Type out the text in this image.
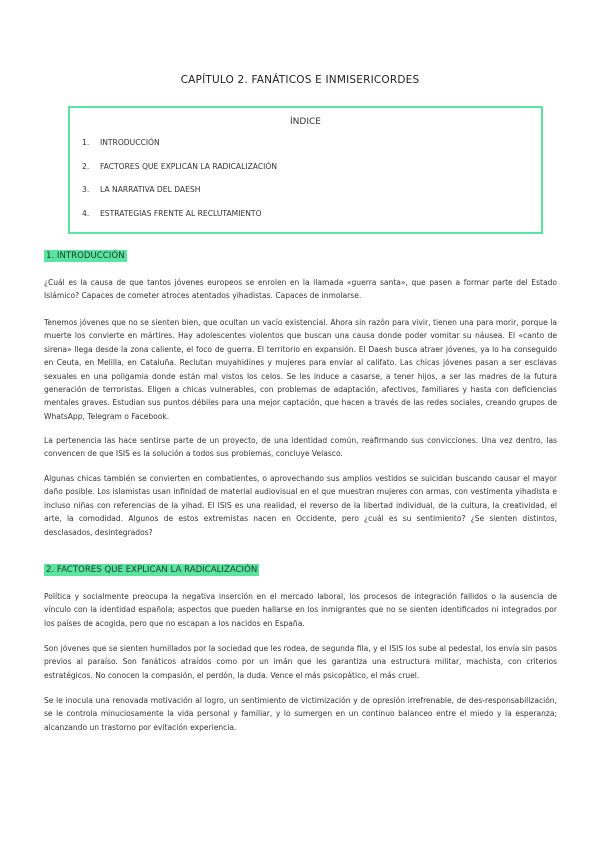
CAPÍTULO 2. FANÁTICOS E INMISERICORDES
ÍNDICE
1.	INTRODUCCIÓN
2.	FACTORES QUE EXPLICAN LA RADICALIZACIÓN
3.	LA NARRATIVA DEL DAESH
4.	ESTRATEGIAS FRENTE AL RECLUTAMIENTO
1. INTRODUCCIÓN

¿Cuál es la causa de que tantos jóvenes europeos se enrolen en la llamada «guerra santa», que pasen a formar parte del Estado Islámico? Capaces de cometer atroces atentados yihadistas. Capaces de inmolarse.

Tenemos jóvenes que no se sienten bien, que ocultan un vacío existencial. Ahora sin razón para vivir, tienen una para morir, porque la muerte los convierte en mártires. Hay adolescentes violentos que buscan una causa donde poder vomitar su náusea. El «canto de sirena» llega desde la zona caliente, el foco de guerra. El territorio en expansión. El Daesh busca atraer jóvenes, ya lo ha conseguido en Ceuta, en Melilla, en Cataluña. Reclutan muyahidines y mujeres para enviar al califato. Las chicas jóvenes pasan a ser esclavas sexuales en una poligamia donde están mal vistos los celos. Se les induce a casarse, a tener hijos, a ser las madres de la futura generación de terroristas. Eligen a chicas vulnerables, con problemas de adaptación, afectivos, familiares y hasta con deficiencias mentales graves. Estudian sus puntos débiles para una mejor captación, que hacen a través de las redes sociales, creando grupos de WhatsApp, Telegram o Facebook.

La pertenencia las hace sentirse parte de un proyecto, de una identidad común, reafirmando sus convicciones. Una vez dentro, las convencen de que ISIS es la solución a todos sus problemas, concluye Velasco.

Algunas chicas también se convierten en combatientes, o aprovechando sus amplios vestidos se suicidan buscando causar el mayor daño posible. Los islamistas usan infinidad de material audiovisual en el que muestran mujeres con armas, con vestimenta yihadista e incluso niñas con referencias de la yihad. El ISIS es una realidad, el reverso de la libertad individual, de la cultura, la creatividad, el arte, la comodidad. Algunos de estos extremistas nacen en Occidente, pero ¿cuál es su sentimiento? ¿Se sienten distintos, desclasados, desintegrados?

2. FACTORES QUE EXPLICAN LA RADICALIZACIÓN

Política y socialmente preocupa la negativa inserción en el mercado laboral, los procesos de integración fallidos o la ausencia de vínculo con la identidad española; aspectos que pueden hallarse en los inmigrantes que no se sienten identificados ni integrados por los países de acogida, pero que no escapan a los nacidos en España.

Son jóvenes que se sienten humillados por la sociedad que les rodea, de segunda fila, y el ISIS los sube al pedestal, los envía sin pasos previos al paraíso. Son fanáticos atraídos como por un imán que les garantiza una estructura militar, machista, con criterios estratégicos. No conocen la compasión, el perdón, la duda. Vence el más psicopático, el más cruel.

Se le inocula una renovada motivación al logro, un sentimiento de victimización y de opresión irrefrenable, de des-responsabilización, se le controla minuciosamente la vida personal y familiar, y lo sumergen en un continuo balanceo entre el miedo y la esperanza; alcanzando un trastorno por evitación experiencia.
